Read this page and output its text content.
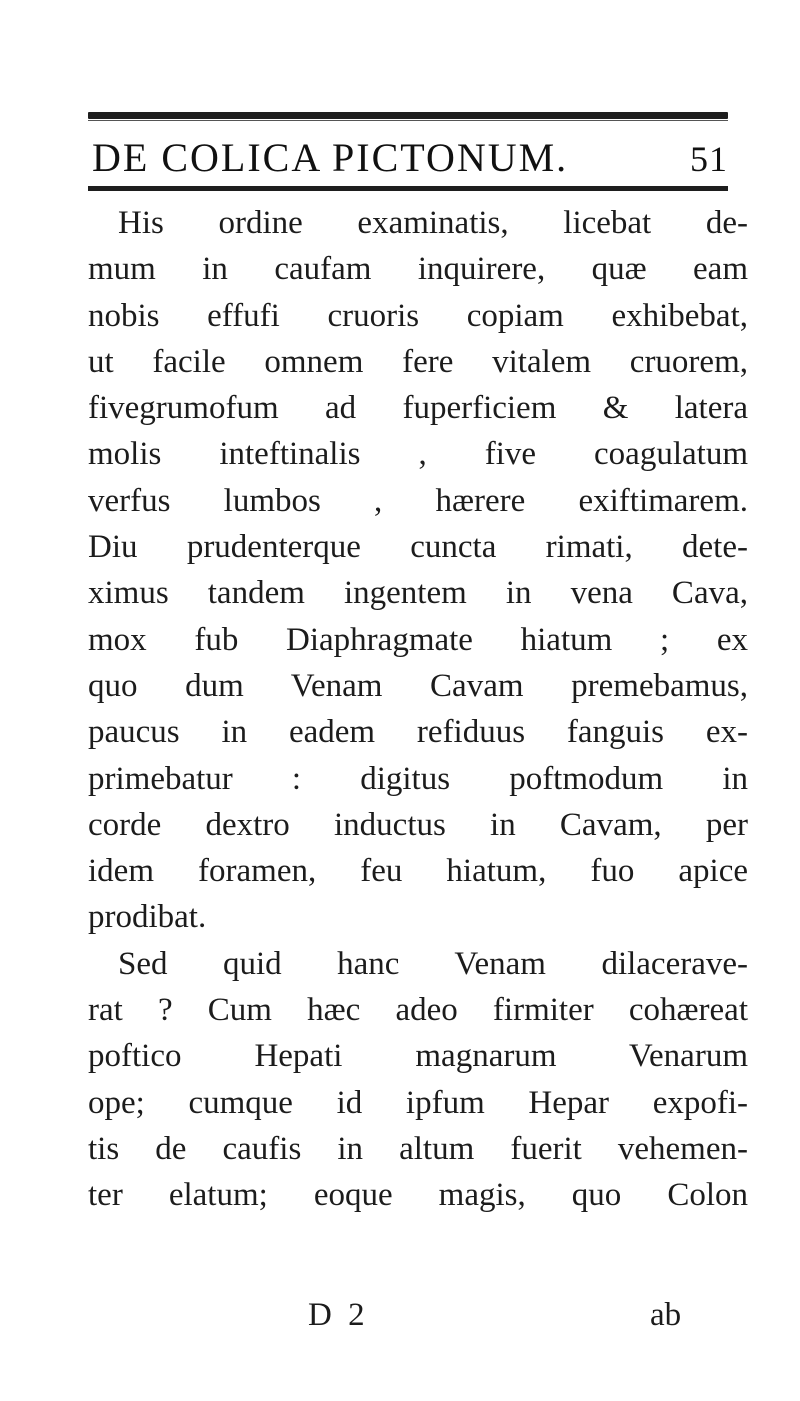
DE COLICA PICTONUM.	51
His ordine examinatis, licebat de-
mum in caufam inquirere, quæ eam
nobis effufi cruoris copiam exhibebat,
ut facile omnem fere vitalem cruorem,
fivegrumofum ad fuperficiem & latera
molis inteftinalis , five coagulatum
verfus lumbos , hærere exiftimarem.
Diu prudenterque cuncta rimati, dete-
ximus tandem ingentem in vena Cava,
mox fub Diaphragmate hiatum ; ex
quo dum Venam Cavam premebamus,
paucus in eadem refiduus fanguis ex-
primebatur : digitus poftmodum in
corde dextro inductus in Cavam, per
idem foramen, feu hiatum, fuo apice
prodibat.
Sed quid hanc Venam dilacerave-
rat ? Cum hæc adeo firmiter cohæreat
poftico Hepati magnarum Venarum
ope; cumque id ipfum Hepar expofi-
tis de caufis in altum fuerit vehemen-
ter elatum; eoque magis, quo Colon
D 2	ab
